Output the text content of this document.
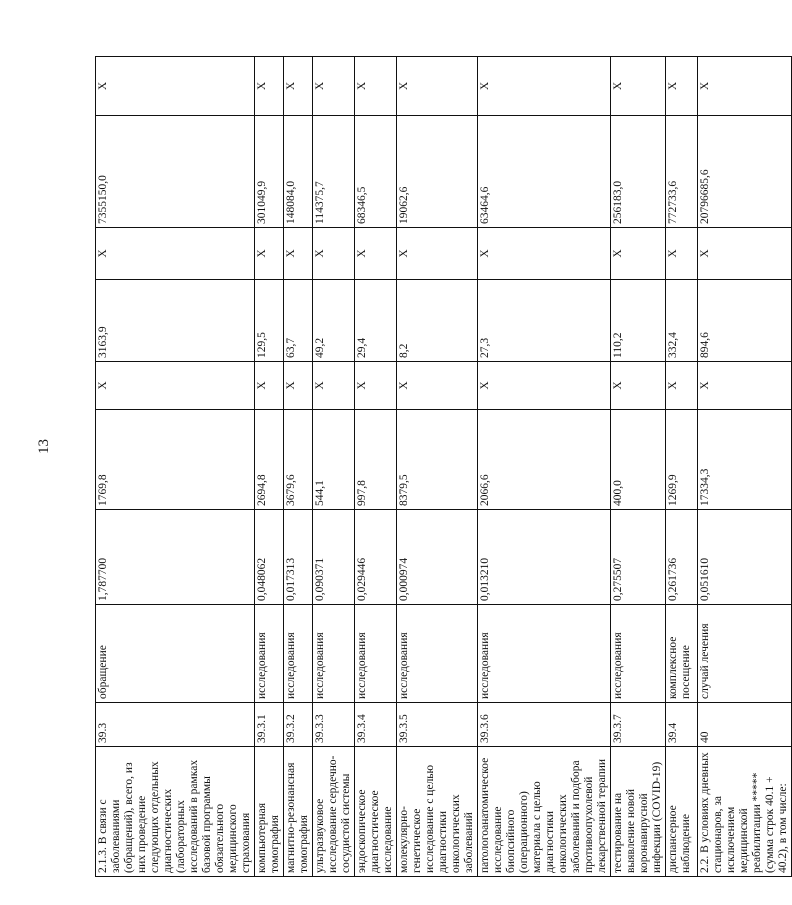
13
2.1.3. В связи с заболеваниями (обращений), всего, из них проведение следующих отдельных диагностических (лабораторных исследований в рамках базовой программы обязательного медицинского страхования	39.3	обращение	1,787700	1769,8	X	3163,9	X	7355150,0	X
компьютерная томография	39.3.1	исследования	0,048062	2694,8	X	129,5	X	301049,9	X
магнитно-резонансная томография	39.3.2	исследования	0,017313	3679,6	X	63,7	X	148084,0	X
ультразвуковое исследование сердечно-сосудистой системы	39.3.3	исследования	0,090371	544,1	X	49,2	X	114375,7	X
эндоскопическое диагностическое исследование	39.3.4	исследования	0,029446	997,8	X	29,4	X	68346,5	X
молекулярно-генетическое исследование с целью диагностики онкологических заболеваний	39.3.5	исследования	0,000974	8379,5	X	8,2	X	19062,6	X
патологоанатомическое исследование биопсийного (операционного) материала с целью диагностики онкологических заболеваний и подбора противоопухолевой лекарственной терапии	39.3.6	исследования	0,013210	2066,6	X	27,3	X	63464,6	X
тестирование на выявление новой коронавирусной инфекции (COVID-19)	39.3.7	исследования	0,275507	400,0	X	110,2	X	256183,0	X
диспансерное наблюдение	39.4	комплексное посещение	0,261736	1269,9	X	332,4	X	772733,6	X
2.2. В условиях дневных стационаров, за исключением медицинской реабилитации ***** (сумма строк 40.1 + 40.2), в том числе:	40	случай лечения	0,051610	17334,3	X	894,6	X	20796685,6	X
